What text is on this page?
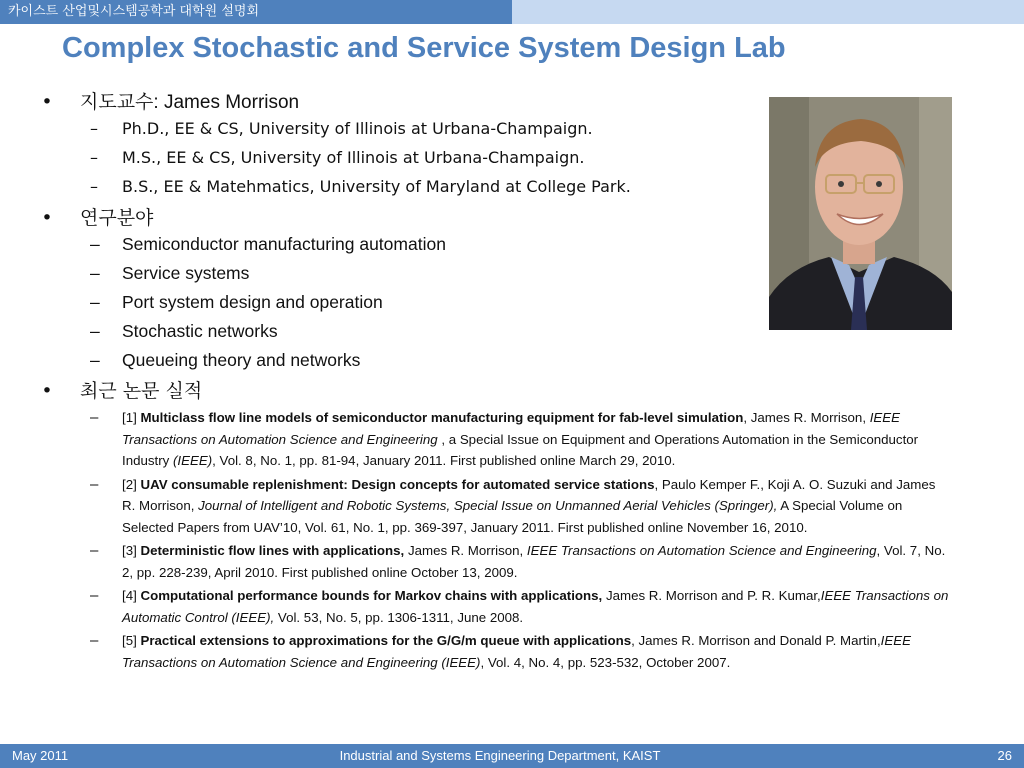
카이스트 산업및시스템공학과 대학원 설명회
Complex Stochastic and Service System Design Lab
• 지도교수: James Morrison
– Ph.D., EE & CS, University of Illinois at Urbana-Champaign.
– M.S., EE & CS, University of Illinois at Urbana-Champaign.
– B.S., EE & Matehmatics, University of Maryland at College Park.
• 연구분야
– Semiconductor manufacturing automation
– Service systems
– Port system design and operation
– Stochastic networks
– Queueing theory and networks
• 최근 논문 실적
– [1] Multiclass flow line models of semiconductor manufacturing equipment for fab-level simulation, James R. Morrison, IEEE Transactions on Automation Science and Engineering , a Special Issue on Equipment and Operations Automation in the Semiconductor Industry (IEEE), Vol. 8, No. 1, pp. 81-94, January 2011. First published online March 29, 2010.
– [2] UAV consumable replenishment: Design concepts for automated service stations, Paulo Kemper F., Koji A. O. Suzuki and James R. Morrison, Journal of Intelligent and Robotic Systems, Special Issue on Unmanned Aerial Vehicles (Springer), A Special Volume on Selected Papers from UAV’10, Vol. 61, No. 1, pp. 369-397, January 2011. First published online November 16, 2010.
– [3] Deterministic flow lines with applications, James R. Morrison, IEEE Transactions on Automation Science and Engineering, Vol. 7, No. 2, pp. 228-239, April 2010. First published online October 13, 2009.
– [4] Computational performance bounds for Markov chains with applications, James R. Morrison and P. R. Kumar,IEEE Transactions on Automatic Control (IEEE), Vol. 53, No. 5, pp. 1306-1311, June 2008.
– [5] Practical extensions to approximations for the G/G/m queue with applications, James R. Morrison and Donald P. Martin,IEEE Transactions on Automation Science and Engineering (IEEE), Vol. 4, No. 4, pp. 523-532, October 2007.
May 2011	Industrial and Systems Engineering Department, KAIST	26
